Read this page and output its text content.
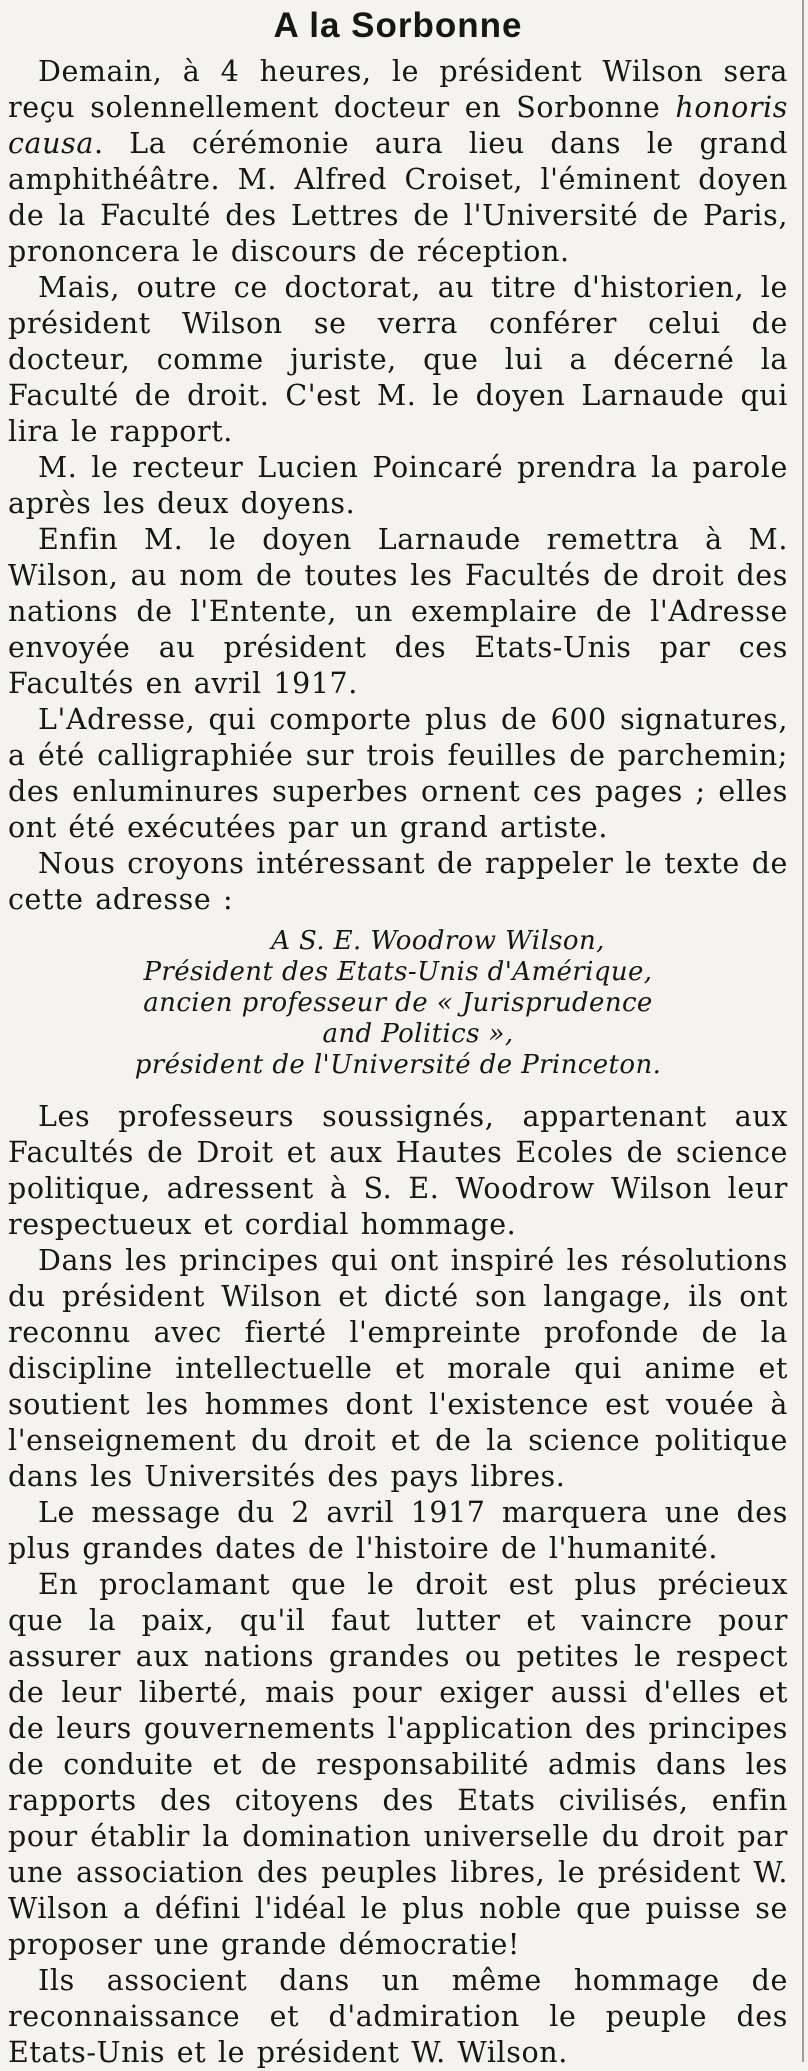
A la Sorbonne

Demain, à 4 heures, le président Wilson sera reçu solennellement docteur en Sorbonne honoris causa. La cérémonie aura lieu dans le grand amphithéâtre. M. Alfred Croiset, l'éminent doyen de la Faculté des Lettres de l'Université de Paris, prononcera le discours de réception.

Mais, outre ce doctorat, au titre d'historien, le président Wilson se verra conférer celui de docteur, comme juriste, que lui a décerné la Faculté de droit. C'est M. le doyen Larnaude qui lira le rapport.

M. le recteur Lucien Poincaré prendra la parole après les deux doyens.

Enfin M. le doyen Larnaude remettra à M. Wilson, au nom de toutes les Facultés de droit des nations de l'Entente, un exemplaire de l'Adresse envoyée au président des Etats-Unis par ces Facultés en avril 1917.

L'Adresse, qui comporte plus de 600 signatures, a été calligraphiée sur trois feuilles de parchemin; des enluminures superbes ornent ces pages ; elles ont été exécutées par un grand artiste.

Nous croyons intéressant de rappeler le texte de cette adresse :

A S. E. Woodrow Wilson,
Président des Etats-Unis d'Amérique,
ancien professeur de « Jurisprudence
and Politics »,
président de l'Université de Princeton.

Les professeurs soussignés, appartenant aux Facultés de Droit et aux Hautes Ecoles de science politique, adressent à S. E. Woodrow Wilson leur respectueux et cordial hommage.

Dans les principes qui ont inspiré les résolutions du président Wilson et dicté son langage, ils ont reconnu avec fierté l'empreinte profonde de la discipline intellectuelle et morale qui anime et soutient les hommes dont l'existence est vouée à l'enseignement du droit et de la science politique dans les Universités des pays libres.

Le message du 2 avril 1917 marquera une des plus grandes dates de l'histoire de l'humanité.

En proclamant que le droit est plus précieux que la paix, qu'il faut lutter et vaincre pour assurer aux nations grandes ou petites le respect de leur liberté, mais pour exiger aussi d'elles et de leurs gouvernements l'application des principes de conduite et de responsabilité admis dans les rapports des citoyens des Etats civilisés, enfin pour établir la domination universelle du droit par une association des peuples libres, le président W. Wilson a défini l'idéal le plus noble que puisse se proposer une grande démocratie!

Ils associent dans un même hommage de reconnaissance et d'admiration le peuple des Etats-Unis et le président W. Wilson.
